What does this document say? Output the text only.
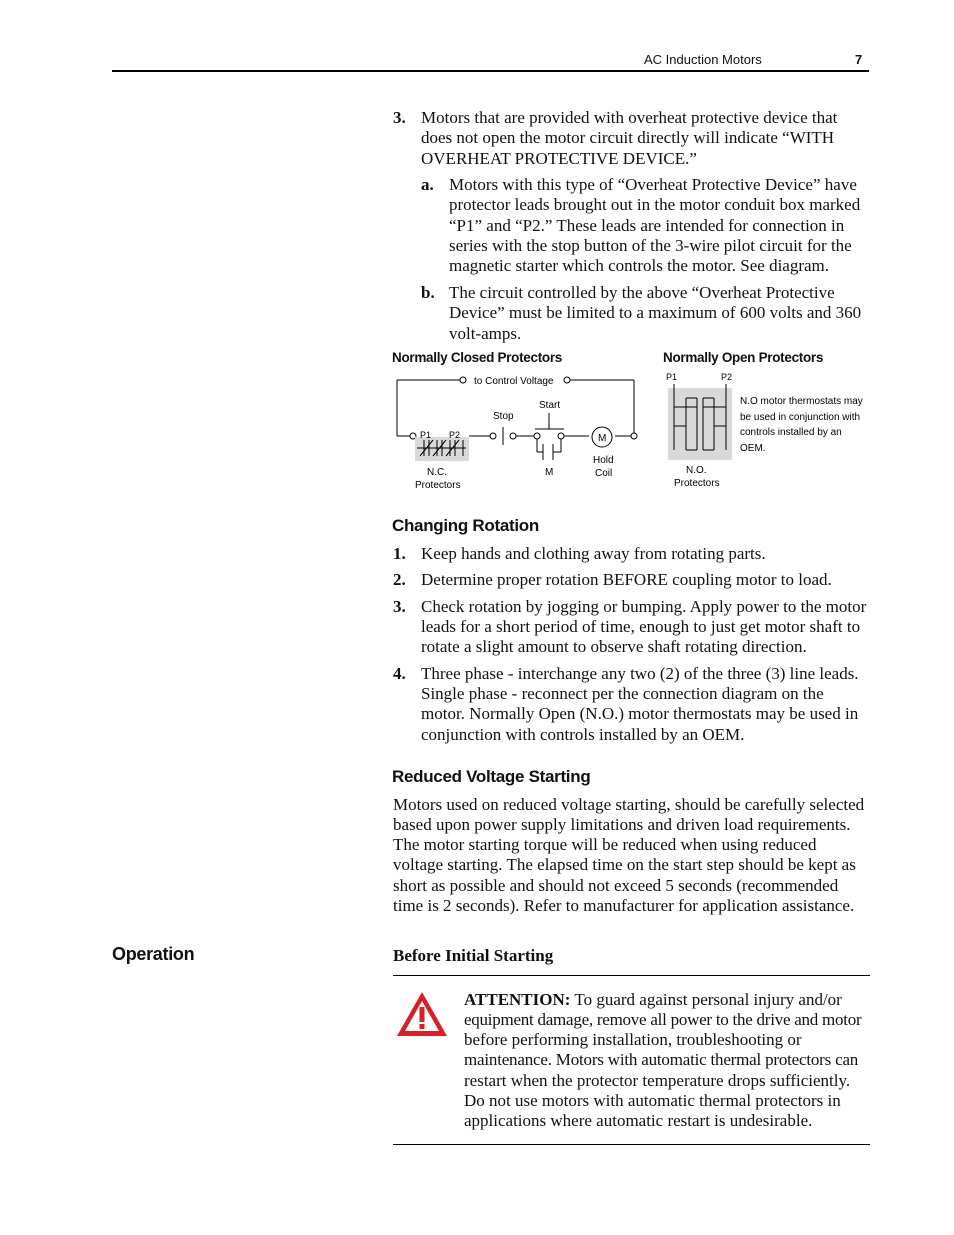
AC Induction Motors	7
3. Motors that are provided with overheat protective device that does not open the motor circuit directly will indicate “WITH OVERHEAT PROTECTIVE DEVICE.”
a. Motors with this type of “Overheat Protective Device” have protector leads brought out in the motor conduit box marked “P1” and “P2.” These leads are intended for connection in series with the stop button of the 3-wire pilot circuit for the magnetic starter which controls the motor. See diagram.
b. The circuit controlled by the above “Overheat Protective Device” must be limited to a maximum of 600 volts and 360 volt-amps.
Normally Closed Protectors	Normally Open Protectors
to Control Voltage
Start
Stop
P1 P2	M
Hold
Coil
M
N.C.
Protectors
P1	P2
N.O.
Protectors
N.O motor thermostats may
be used in conjunction with
controls installed by an
OEM.
Changing Rotation
1. Keep hands and clothing away from rotating parts.
2. Determine proper rotation BEFORE coupling motor to load.
3. Check rotation by jogging or bumping. Apply power to the motor
leads for a short period of time, enough to just get motor shaft to
rotate a slight amount to observe shaft rotating direction.
4. Three phase - interchange any two (2) of the three (3) line leads.
Single phase - reconnect per the connection diagram on the
motor. Normally Open (N.O.) motor thermostats may be used in
conjunction with controls installed by an OEM.
Reduced Voltage Starting
Motors used on reduced voltage starting, should be carefully selected
based upon power supply limitations and driven load requirements.
The motor starting torque will be reduced when using reduced
voltage starting. The elapsed time on the start step should be kept as
short as possible and should not exceed 5 seconds (recommended
time is 2 seconds). Refer to manufacturer for application assistance.
Operation	Before Initial Starting
ATTENTION: To guard against personal injury and/or
equipment damage, remove all power to the drive and motor
before performing installation, troubleshooting or
maintenance. Motors with automatic thermal protectors can
restart when the protector temperature drops sufficiently.
Do not use motors with automatic thermal protectors in
applications where automatic restart is undesirable.
